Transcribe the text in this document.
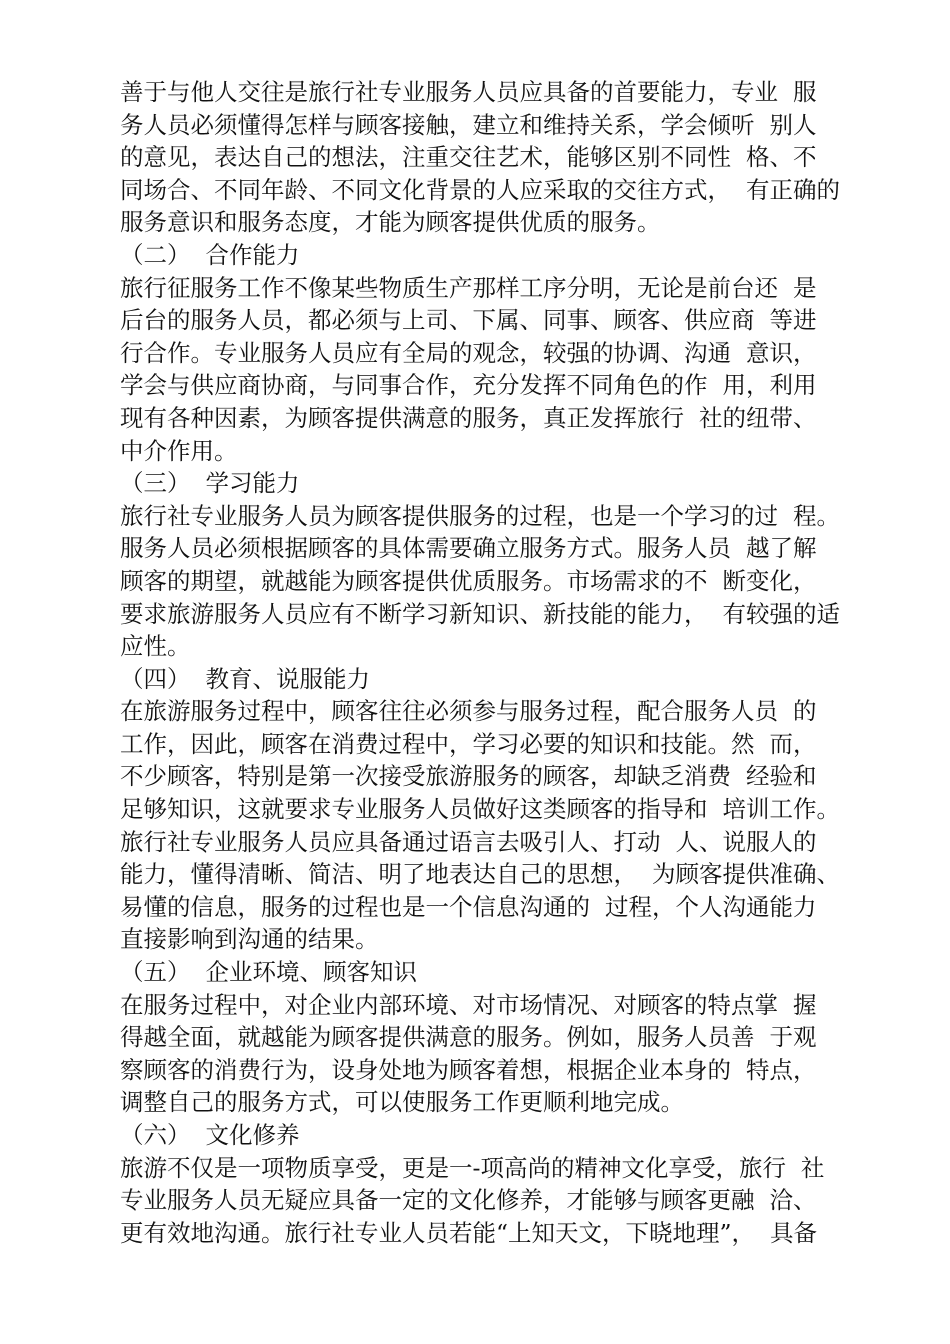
善于与他人交往是旅行社专业服务人员应具备的首要能力，专业  服
务人员必须懂得怎样与顾客接触，建立和维持关系，学会倾听  别人
的意见，表达自己的想法，注重交往艺术，能够区别不同性  格、不
同场合、不同年龄、不同文化背景的人应采取的交往方式，  有正确的
服务意识和服务态度，才能为顾客提供优质的服务。
（二）  合作能力
旅行征服务工作不像某些物质生产那样工序分明，无论是前台还  是
后台的服务人员，都必须与上司、下属、同事、顾客、供应商  等进
行合作。专业服务人员应有全局的观念，较强的协调、沟通  意识，
学会与供应商协商，与同事合作，充分发挥不同角色的作  用，利用
现有各种因素，为顾客提供满意的服务，真正发挥旅行  社的纽带、
中介作用。
（三）  学习能力
旅行社专业服务人员为顾客提供服务的过程，也是一个学习的过  程。
服务人员必须根据顾客的具体需要确立服务方式。服务人员  越了解
顾客的期望，就越能为顾客提供优质服务。市场需求的不  断变化，
要求旅游服务人员应有不断学习新知识、新技能的能力，  有较强的适
应性。
（四）  教育、说服能力
在旅游服务过程中，顾客往往必须参与服务过程，配合服务人员  的
工作，因此，顾客在消费过程中，学习必要的知识和技能。然  而，
不少顾客，特别是第一次接受旅游服务的顾客，却缺乏消费  经验和
足够知识，这就要求专业服务人员做好这类顾客的指导和  培训工作。
旅行社专业服务人员应具备通过语言去吸引人、打动  人、说服人的
能力，懂得清晰、简洁、明了地表达自己的思想，  为顾客提供准确、
易懂的信息，服务的过程也是一个信息沟通的  过程，个人沟通能力
直接影响到沟通的结果。
（五）  企业环境、顾客知识
在服务过程中，对企业内部环境、对市场情况、对顾客的特点掌  握
得越全面，就越能为顾客提供满意的服务。例如，服务人员善  于观
察顾客的消费行为，设身处地为顾客着想，根据企业本身的  特点，
调整自己的服务方式，可以使服务工作更顺利地完成。
（六）  文化修养
旅游不仅是一项物质享受，更是一-项高尚的精神文化享受，旅行  社
专业服务人员无疑应具备一定的文化修养，才能够与顾客更融  洽、
更有效地沟通。旅行社专业人员若能“上知天文，下晓地理”，  具备
